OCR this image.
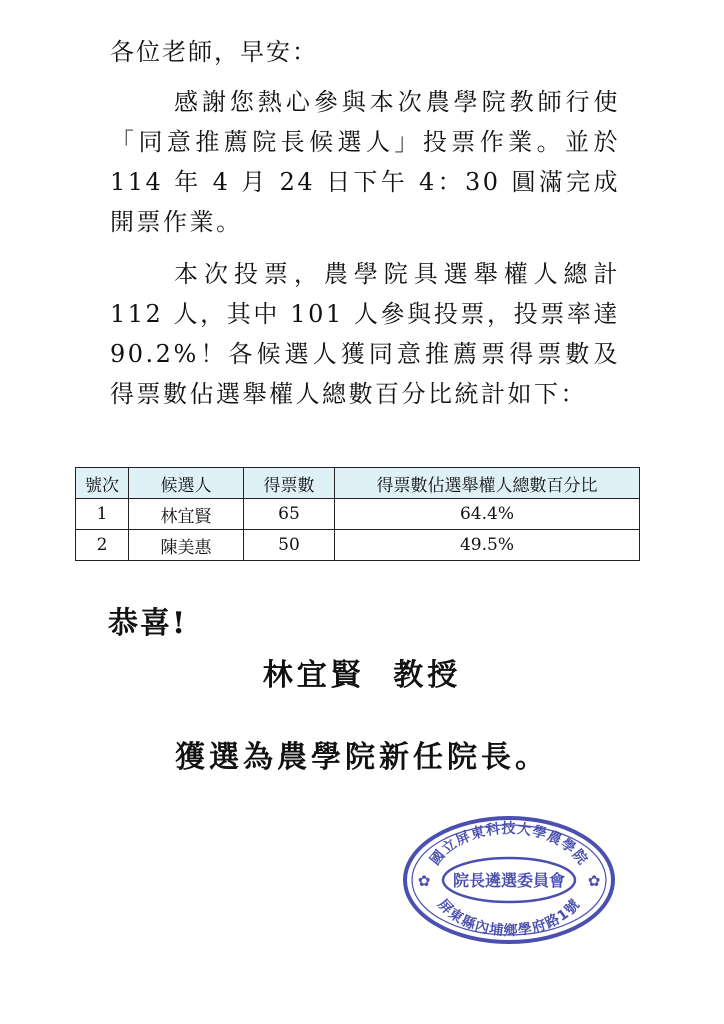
各位老師，早安：

感謝您熱心參與本次農學院教師行使「同意推薦院長候選人」投票作業。並於 114 年 4 月 24 日下午 4：30 圓滿完成開票作業。

本次投票，農學院具選舉權人總計 112 人，其中 101 人參與投票，投票率達 90.2%！各候選人獲同意推薦票得票數及得票數佔選舉權人總數百分比統計如下：

號次	候選人	得票數	得票數佔選舉權人總數百分比
1	林宜賢	65	64.4%
2	陳美惠	50	49.5%
恭喜!
林宜賢 教授
獲選為農學院新任院長。
國立屏東科技大學農學院
屏東縣內埔鄉學府路1號
院長遴選委員會
✿	✿
